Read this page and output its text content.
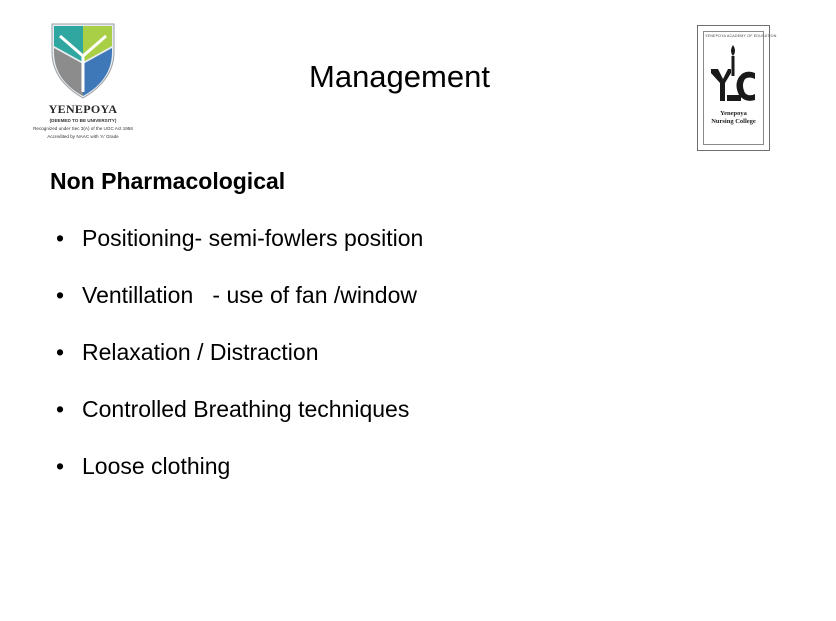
YENEPOYA
(DEEMED TO BE UNIVERSITY)
Recognized under Sec 3(A) of the UGC Act 1956
Accredited by NAAC with 'A' Grade
Management
YENEPOYA ACADEMY OF EDUCATION
Yenepoya
Nursing College
Non Pharmacological

•

Positioning- semi-fowlers position

•

Ventillation   - use of fan /window

•

Relaxation / Distraction

•

Controlled Breathing techniques

•

Loose clothing
